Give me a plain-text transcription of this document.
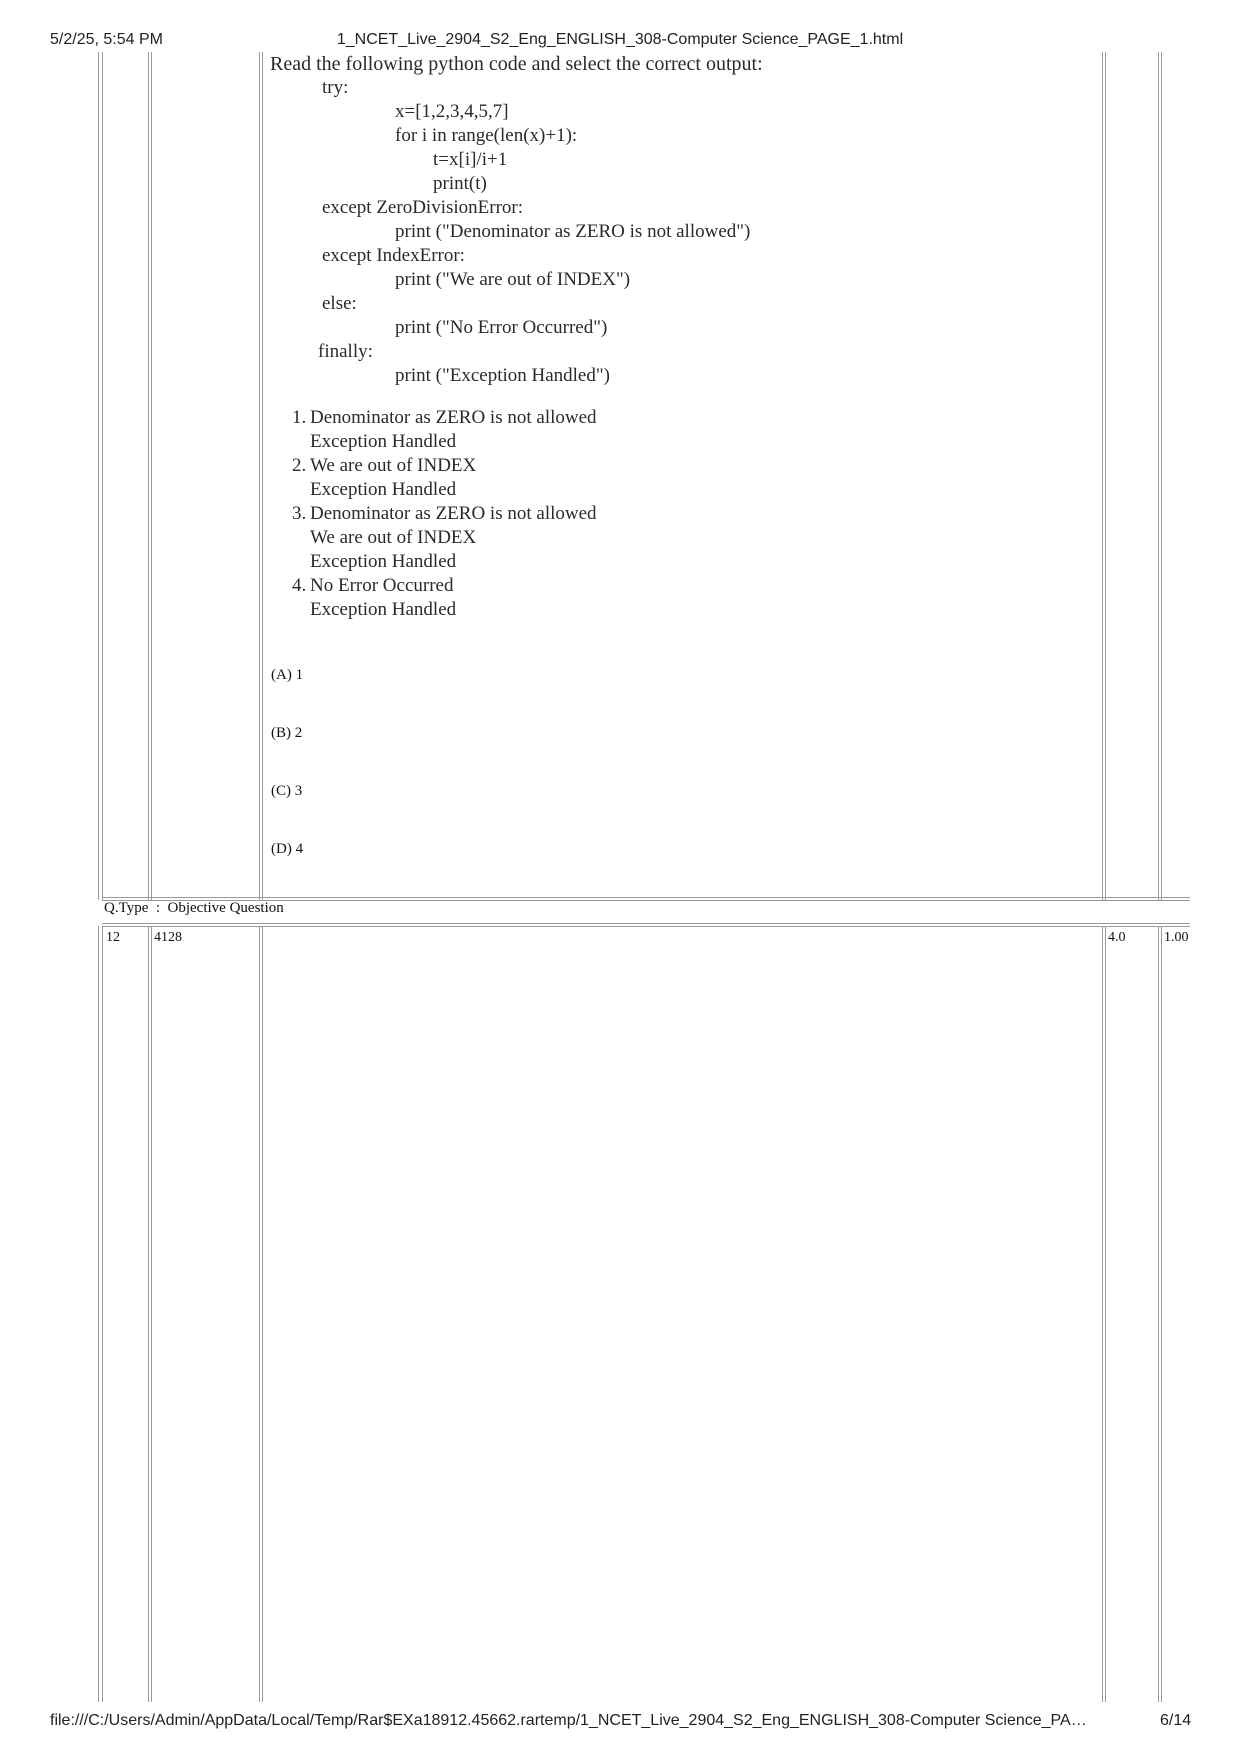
5/2/25, 5:54 PM	1_NCET_Live_2904_S2_Eng_ENGLISH_308-Computer Science_PAGE_1.html
Read the following python code and select the correct output:
try:
x=[1,2,3,4,5,7]
for i in range(len(x)+1):
t=x[i]/i+1
print(t)
except ZeroDivisionError:
print ("Denominator as ZERO is not allowed")
except IndexError:
print ("We are out of INDEX")
else:
print ("No Error Occurred")
finally:
print ("Exception Handled")
1. Denominator as ZERO is not allowed
Exception Handled
2. We are out of INDEX
Exception Handled
3. Denominator as ZERO is not allowed
We are out of INDEX
Exception Handled
4. No Error Occurred
Exception Handled
(A) 1
(B) 2
(C) 3
(D) 4
Q.Type  :  Objective Question
12 4128	4.0	1.00
file:///C:/Users/Admin/AppData/Local/Temp/Rar$EXa18912.45662.rartemp/1_NCET_Live_2904_S2_Eng_ENGLISH_308-Computer Science_PA…	6/14
